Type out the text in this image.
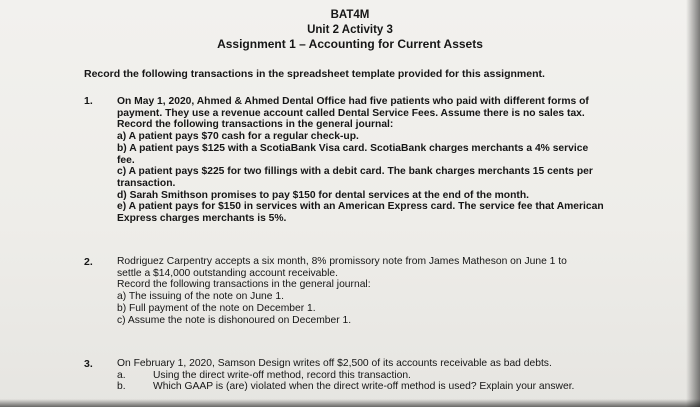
BAT4M
Unit 2 Activity 3
Assignment 1 – Accounting for Current Assets
Record the following transactions in the spreadsheet template provided for this assignment.
1. On May 1, 2020, Ahmed & Ahmed Dental Office had five patients who paid with different forms of
payment. They use a revenue account called Dental Service Fees. Assume there is no sales tax.
Record the following transactions in the general journal:
a) A patient pays $70 cash for a regular check-up.
b) A patient pays $125 with a ScotiaBank Visa card. ScotiaBank charges merchants a 4% service
fee.
c) A patient pays $225 for two fillings with a debit card. The bank charges merchants 15 cents per
transaction.
d) Sarah Smithson promises to pay $150 for dental services at the end of the month.
e) A patient pays for $150 in services with an American Express card. The service fee that American
Express charges merchants is 5%.
2. Rodriguez Carpentry accepts a six month, 8% promissory note from James Matheson on June 1 to
settle a $14,000 outstanding account receivable.
Record the following transactions in the general journal:
a) The issuing of the note on June 1.
b) Full payment of the note on December 1.
c) Assume the note is dishonoured on December 1.
3. On February 1, 2020, Samson Design writes off $2,500 of its accounts receivable as bad debts.
a.	Using the direct write-off method, record this transaction.
b.	Which GAAP is (are) violated when the direct write-off method is used? Explain your answer.
